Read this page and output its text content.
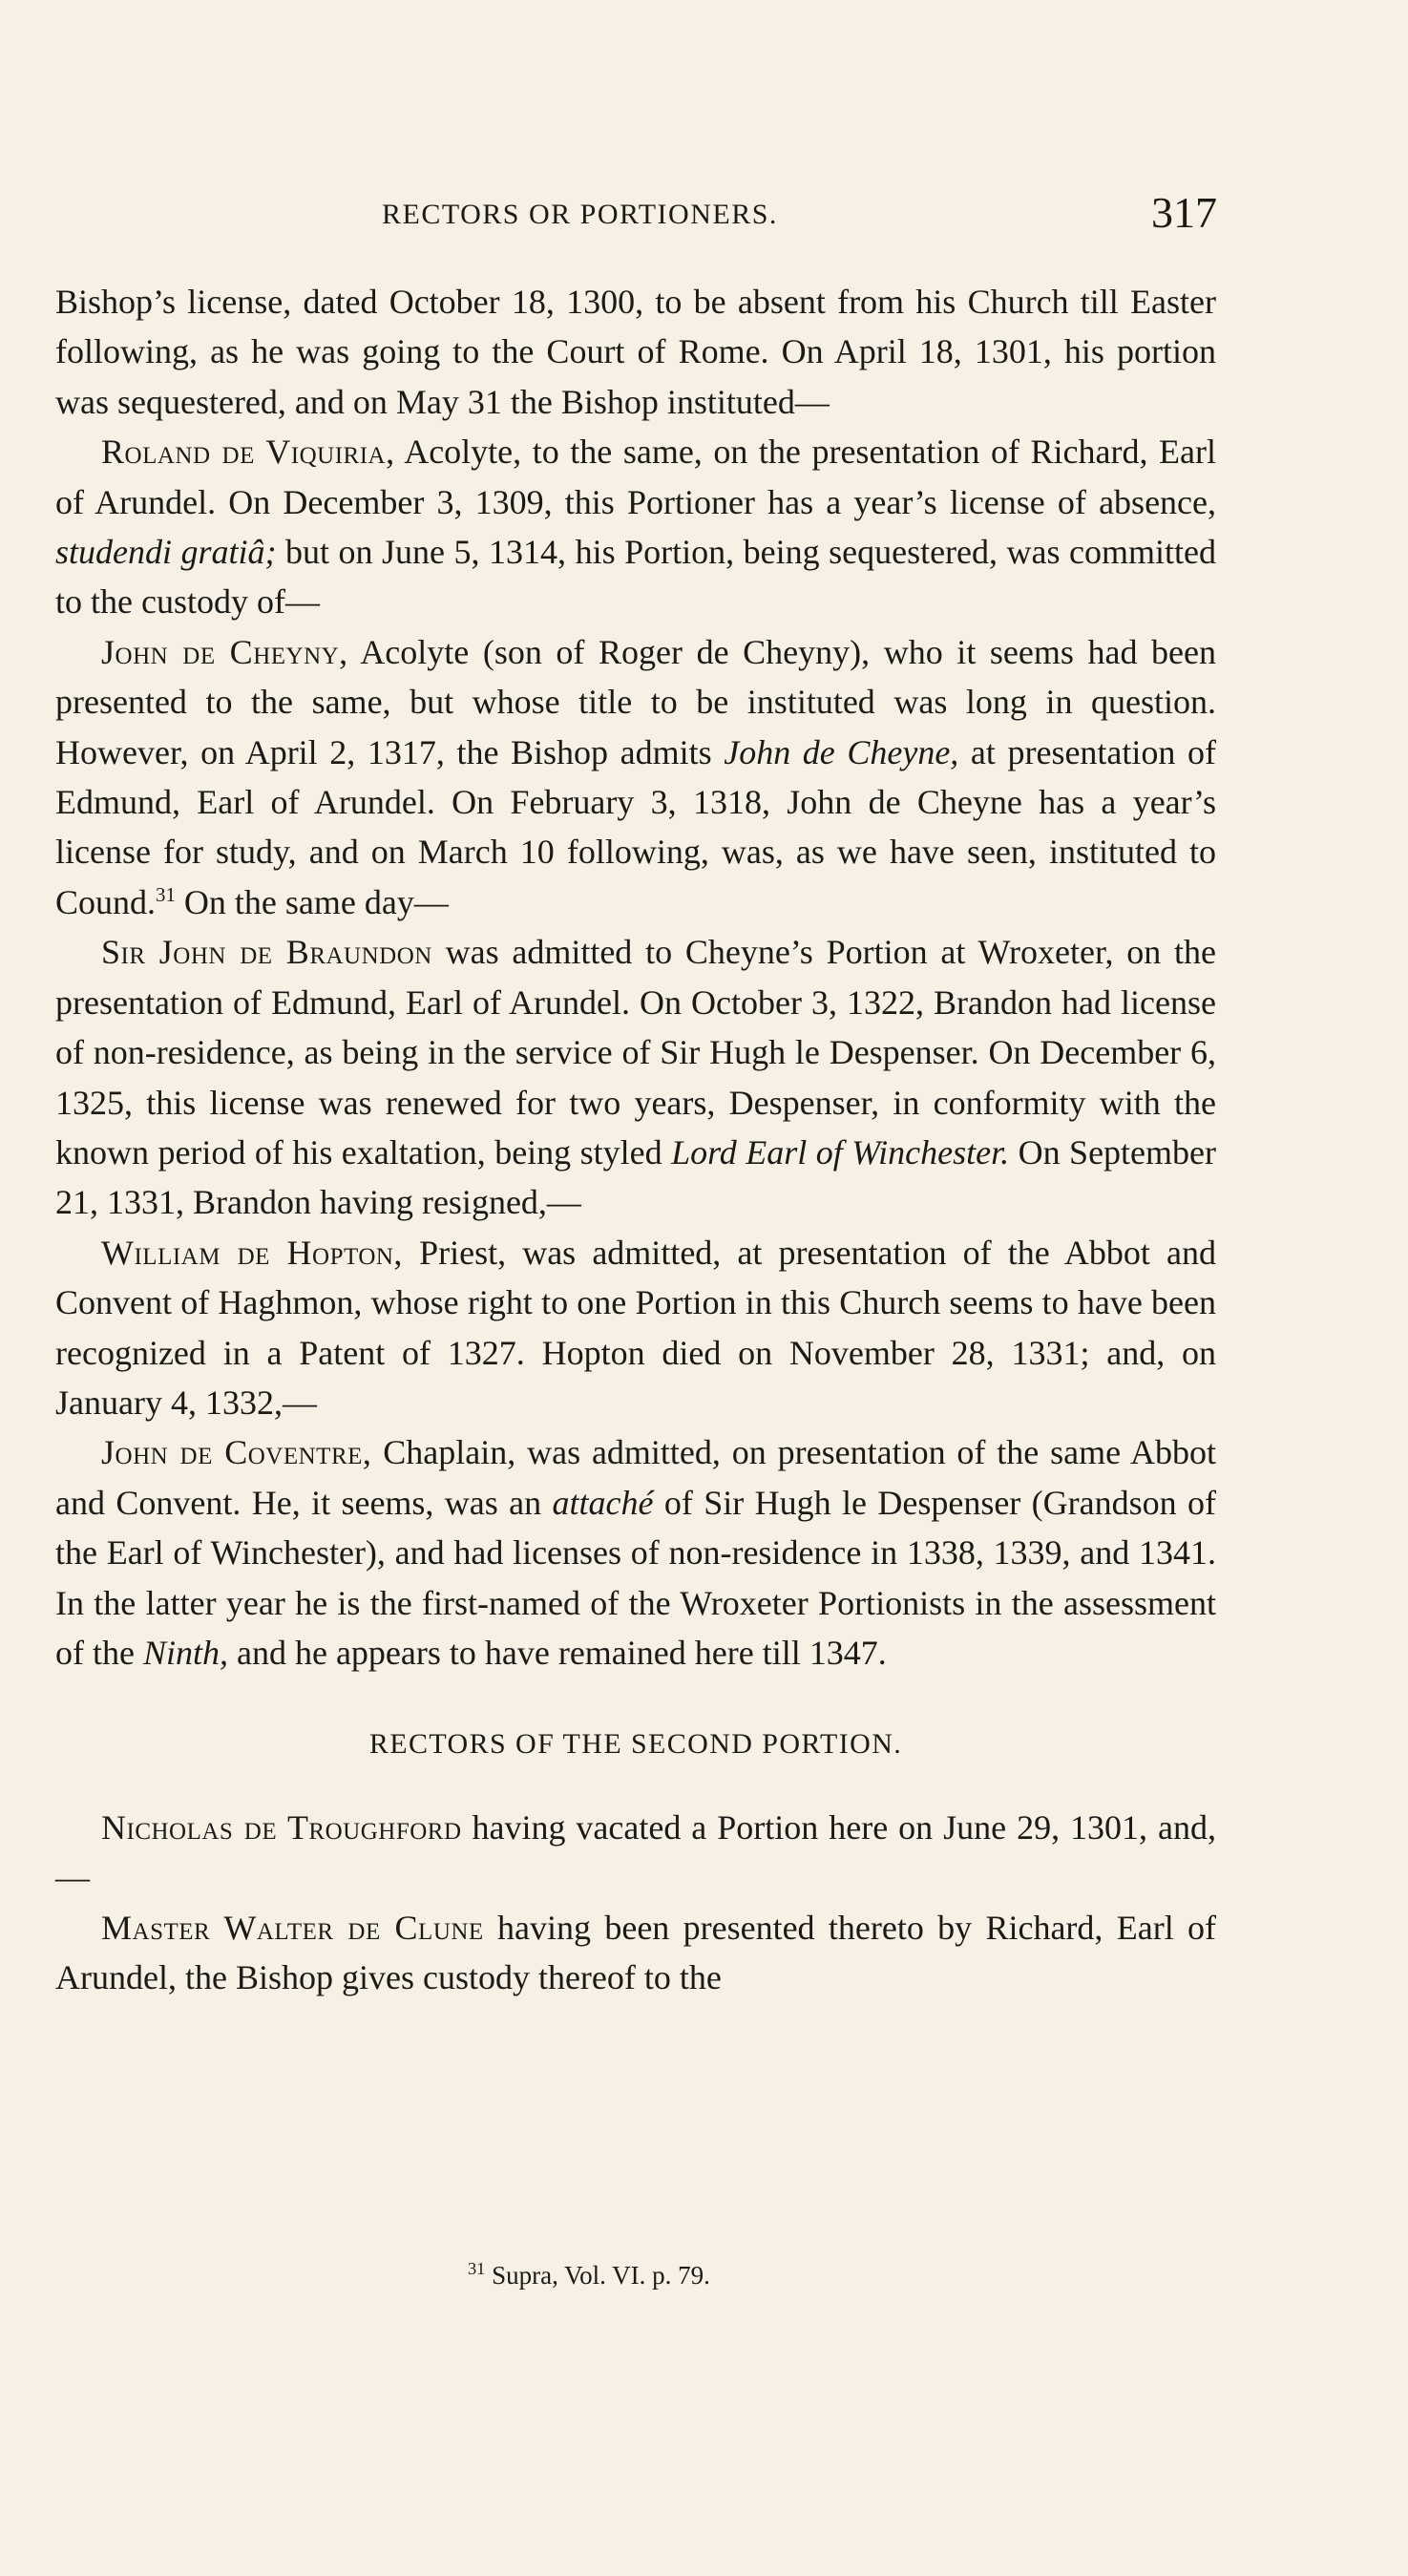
RECTORS OR PORTIONERS.	317

Bishop’s license, dated October 18, 1300, to be absent from his Church till Easter following, as he was going to the Court of Rome. On April 18, 1301, his portion was sequestered, and on May 31 the Bishop instituted—

Roland de Viquiria, Acolyte, to the same, on the presentation of Richard, Earl of Arundel. On December 3, 1309, this Portioner has a year’s license of absence, studendi gratiâ; but on June 5, 1314, his Portion, being sequestered, was committed to the custody of—

John de Cheyny, Acolyte (son of Roger de Cheyny), who it seems had been presented to the same, but whose title to be instituted was long in question. However, on April 2, 1317, the Bishop admits John de Cheyne, at presentation of Edmund, Earl of Arundel. On February 3, 1318, John de Cheyne has a year’s license for study, and on March 10 following, was, as we have seen, instituted to Cound.$^{31}$ On the same day—

Sir John de Braundon was admitted to Cheyne’s Portion at Wroxeter, on the presentation of Edmund, Earl of Arundel. On October 3, 1322, Brandon had license of non-residence, as being in the service of Sir Hugh le Despenser. On December 6, 1325, this license was renewed for two years, Despenser, in conformity with the known period of his exaltation, being styled Lord Earl of Winchester. On September 21, 1331, Brandon having resigned,—

William de Hopton, Priest, was admitted, at presentation of the Abbot and Convent of Haghmon, whose right to one Portion in this Church seems to have been recognized in a Patent of 1327. Hopton died on November 28, 1331; and, on January 4, 1332,—

John de Coventre, Chaplain, was admitted, on presentation of the same Abbot and Convent. He, it seems, was an attaché of Sir Hugh le Despenser (Grandson of the Earl of Winchester), and had licenses of non-residence in 1338, 1339, and 1341. In the latter year he is the first-named of the Wroxeter Portionists in the assessment of the Ninth, and he appears to have remained here till 1347.

RECTORS OF THE SECOND PORTION.

Nicholas de Troughford having vacated a Portion here on June 29, 1301, and,—

Master Walter de Clune having been presented thereto by Richard, Earl of Arundel, the Bishop gives custody thereof to the

$^{31}$ Supra, Vol. VI. p. 79.
